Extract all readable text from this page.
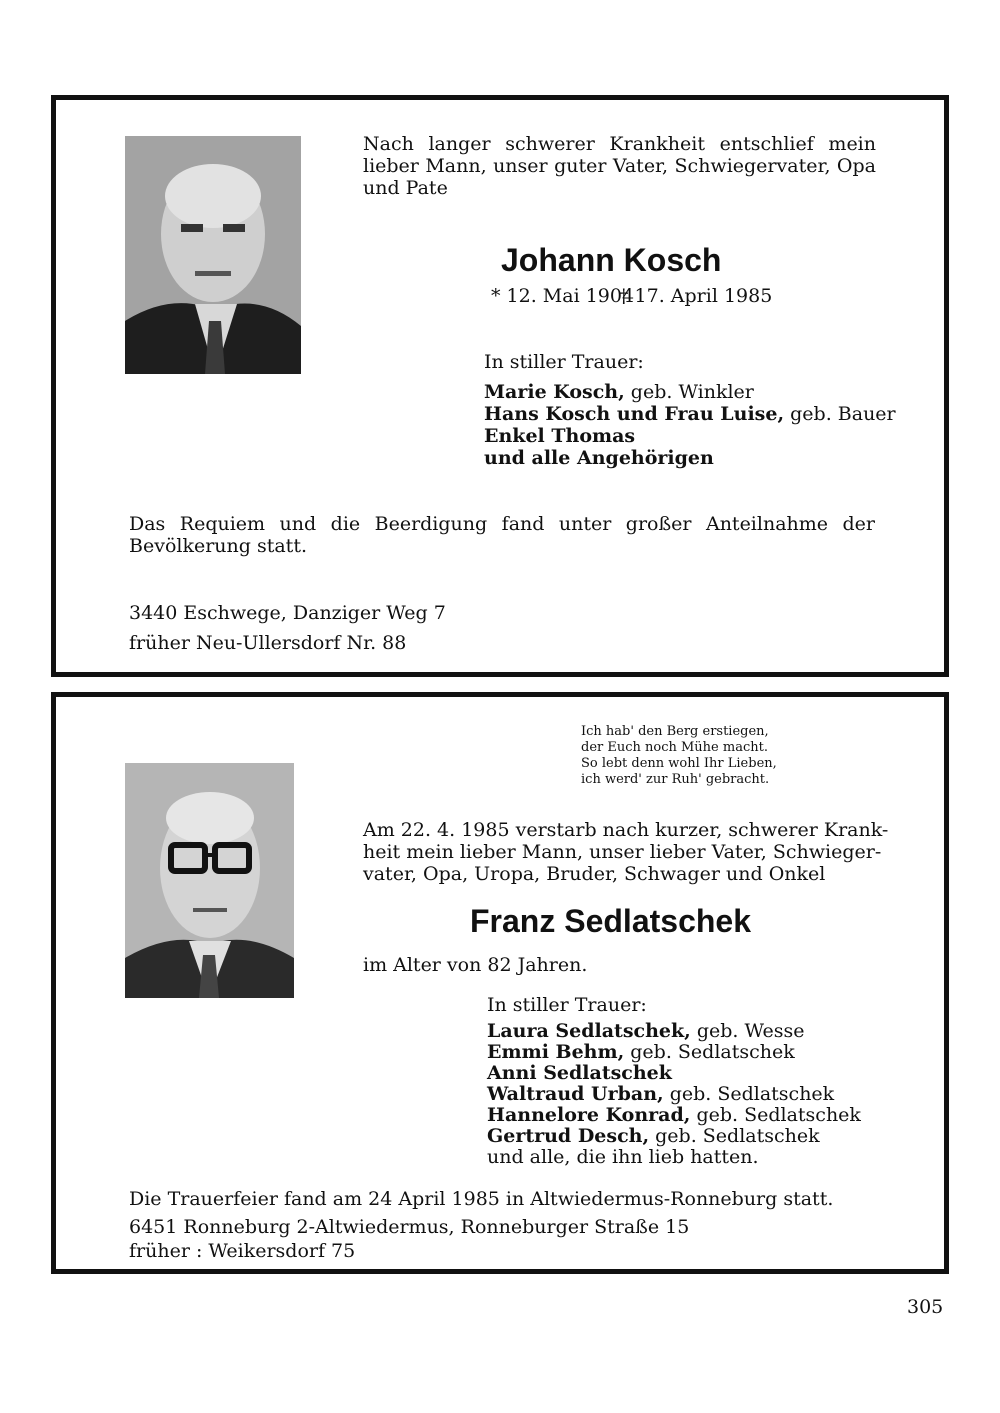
Nach langer schwerer Krankheit entschlief mein
lieber Mann, unser guter Vater, Schwiegervater, Opa
und Pate
Johann Kosch
* 12. Mai 1904
† 17. April 1985
In stiller Trauer:
Marie Kosch, geb. Winkler
Hans Kosch und Frau Luise, geb. Bauer
Enkel Thomas
und alle Angehörigen
Das Requiem und die Beerdigung fand unter großer Anteilnahme der
Bevölkerung statt.
3440 Eschwege, Danziger Weg 7
früher Neu-Ullersdorf Nr. 88
Ich hab' den Berg erstiegen,
der Euch noch Mühe macht.
So lebt denn wohl Ihr Lieben,
ich werd' zur Ruh' gebracht.
Am 22. 4. 1985 verstarb nach kurzer, schwerer Krank-
heit mein lieber Mann, unser lieber Vater, Schwieger-
vater, Opa, Uropa, Bruder, Schwager und Onkel
Franz Sedlatschek
im Alter von 82 Jahren.
In stiller Trauer:
Laura Sedlatschek, geb. Wesse
Emmi Behm, geb. Sedlatschek
Anni Sedlatschek
Waltraud Urban, geb. Sedlatschek
Hannelore Konrad, geb. Sedlatschek
Gertrud Desch, geb. Sedlatschek
und alle, die ihn lieb hatten.
Die Trauerfeier fand am 24 April 1985 in Altwiedermus-Ronneburg statt.
6451 Ronneburg 2-Altwiedermus, Ronneburger Straße 15
früher : Weikersdorf 75
305
